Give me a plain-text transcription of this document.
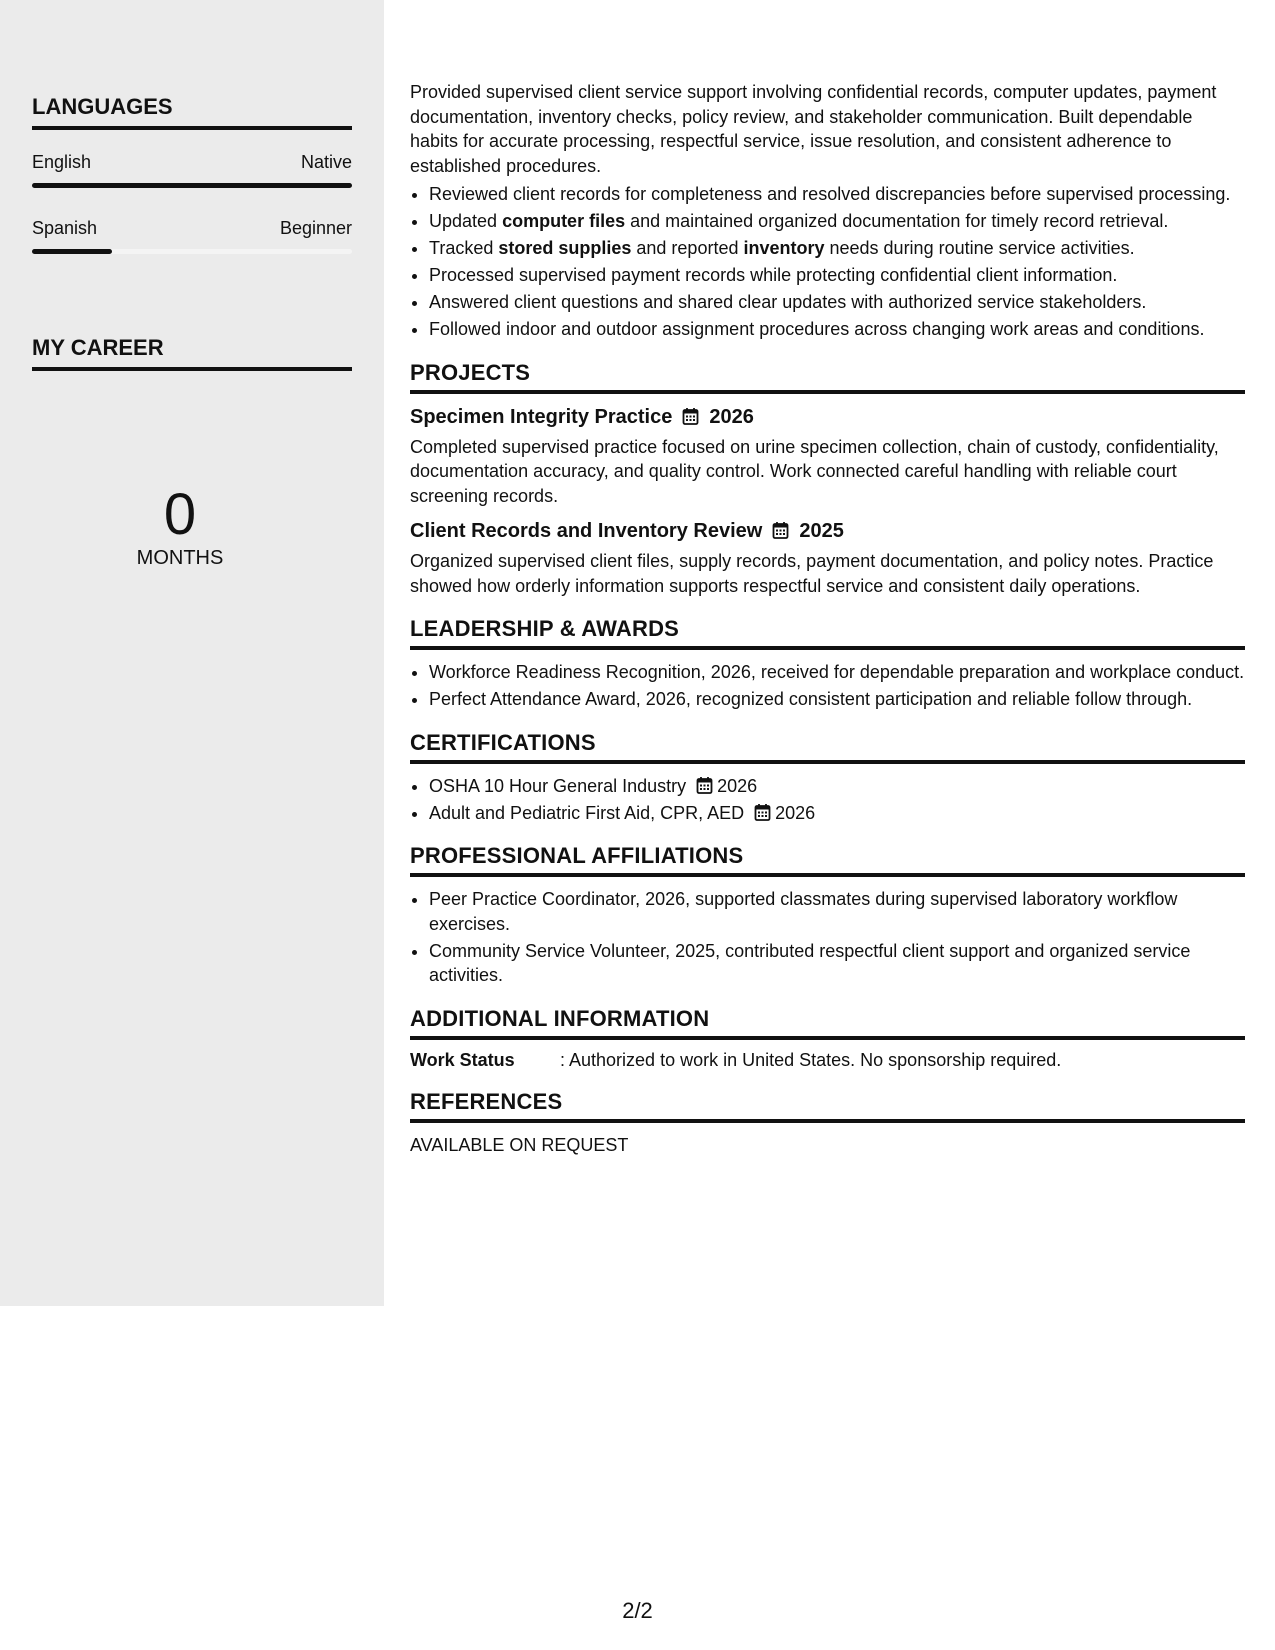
LANGUAGES
English	Native
Spanish	Beginner
MY CAREER
0
MONTHS

Provided supervised client service support involving confidential records, computer updates, payment documentation, inventory checks, policy review, and stakeholder communication. Built dependable habits for accurate processing, respectful service, issue resolution, and consistent adherence to established procedures.

• Reviewed client records for completeness and resolved discrepancies before supervised processing.
• Updated computer files and maintained organized documentation for timely record retrieval.
• Tracked stored supplies and reported inventory needs during routine service activities.
• Processed supervised payment records while protecting confidential client information.
• Answered client questions and shared clear updates with authorized service stakeholders.
• Followed indoor and outdoor assignment procedures across changing work areas and conditions.
PROJECTS
Specimen Integrity Practice 2026
Completed supervised practice focused on urine specimen collection, chain of custody, confidentiality, documentation accuracy, and quality control. Work connected careful handling with reliable court screening records.
Client Records and Inventory Review 2025
Organized supervised client files, supply records, payment documentation, and policy notes. Practice showed how orderly information supports respectful service and consistent daily operations.
LEADERSHIP & AWARDS
• Workforce Readiness Recognition, 2026, received for dependable preparation and workplace conduct.
• Perfect Attendance Award, 2026, recognized consistent participation and reliable follow through.
CERTIFICATIONS
• OSHA 10 Hour General Industry 2026
• Adult and Pediatric First Aid, CPR, AED 2026
PROFESSIONAL AFFILIATIONS
• Peer Practice Coordinator, 2026, supported classmates during supervised laboratory workflow exercises.
• Community Service Volunteer, 2025, contributed respectful client support and organized service activities.
ADDITIONAL INFORMATION
Work Status	: Authorized to work in United States. No sponsorship required.
REFERENCES
AVAILABLE ON REQUEST
2/2
